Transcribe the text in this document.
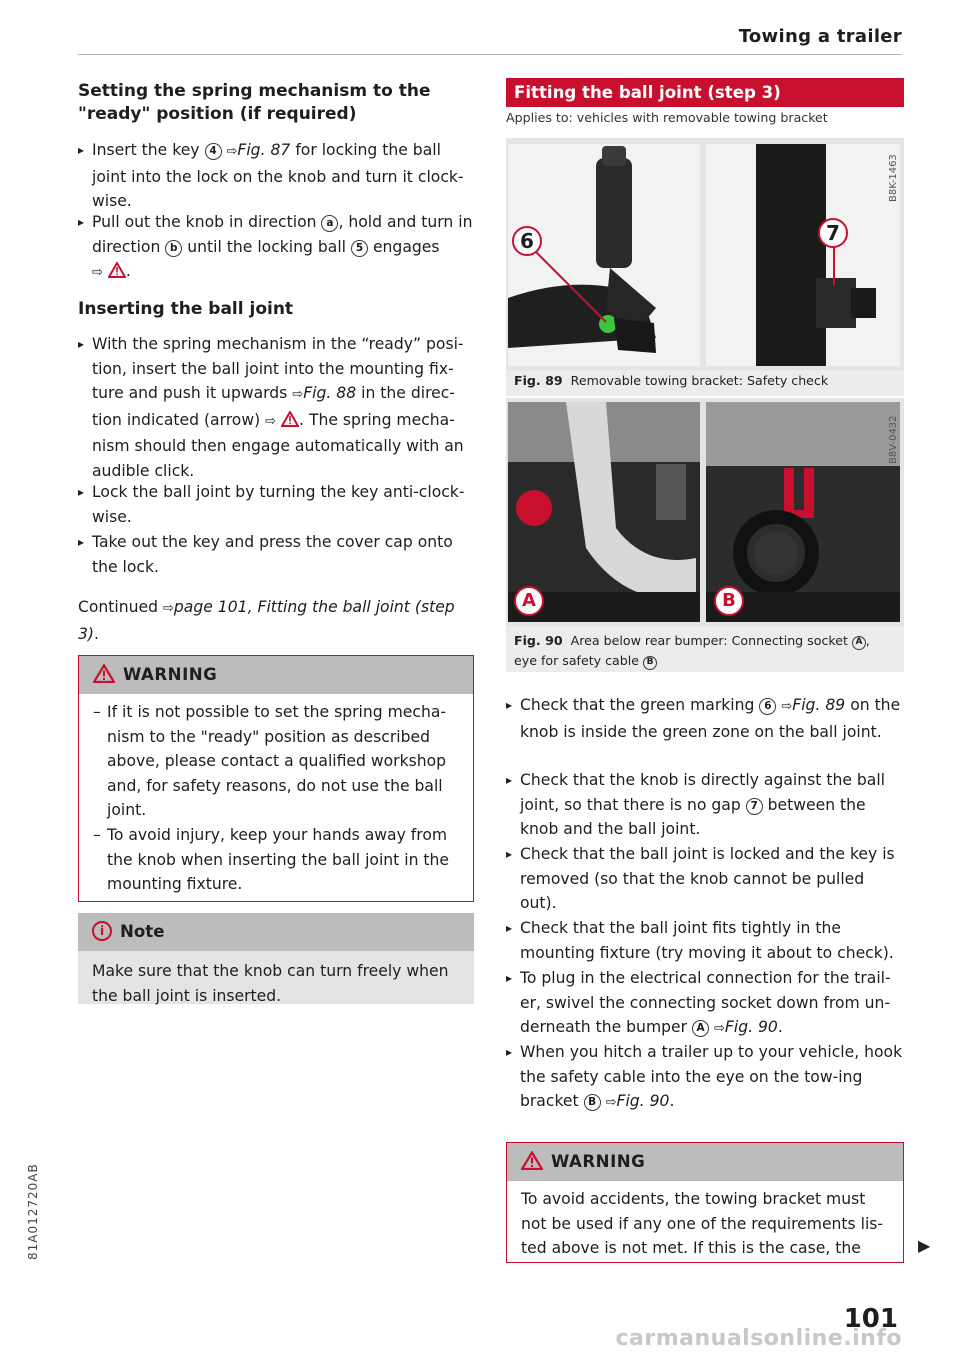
Towing a trailer
Setting the spring mechanism to the "ready" position (if required)
▸ Insert the key 4 ⇨Fig. 87 for locking the ball joint into the lock on the knob and turn it clock-wise.
▸ Pull out the knob in direction a , hold and turn in direction b until the locking ball 5 engages
⇨ .
Inserting the ball joint
▸ With the spring mechanism in the “ready” posi-tion, insert the ball joint into the mounting fix-ture and push it upwards ⇨Fig. 88 in the direc-tion indicated (arrow) ⇨ . The spring mecha-nism should then engage automatically with an audible click.
▸ Lock the ball joint by turning the key anti-clock-wise.
▸ Take out the key and press the cover cap onto the lock.
Continued ⇨page 101, Fitting the ball joint (step 3).
WARNING
– If it is not possible to set the spring mecha-nism to the "ready" position as described above, please contact a qualified workshop and, for safety reasons, do not use the ball joint.
– To avoid injury, keep your hands away from the knob when inserting the ball joint in the mounting fixture.
i Note
Make sure that the knob can turn freely when the ball joint is inserted.
Fitting the ball joint (step 3)
Applies to: vehicles with removable towing bracket
6	7
B8K-1463
Fig. 89 Removable towing bracket: Safety check
A	B
B8V-0432
Fig. 90 Area below rear bumper: Connecting socket A ,
eye for safety cable B
▸ Check that the green marking 6 ⇨Fig. 89 on the knob is inside the green zone on the ball joint.
▸ Check that the knob is directly against the ball joint, so that there is no gap 7 between the knob and the ball joint.
▸ Check that the ball joint is locked and the key is removed (so that the knob cannot be pulled out).
▸ Check that the ball joint fits tightly in the mounting fixture (try moving it about to check).
▸ To plug in the electrical connection for the trail-er, swivel the connecting socket down from un-derneath the bumper A ⇨Fig. 90.
▸ When you hitch a trailer up to your vehicle, hook the safety cable into the eye on the tow-ing bracket B ⇨Fig. 90.
WARNING
To avoid accidents, the towing bracket must not be used if any one of the requirements lis-ted above is not met. If this is the case, the	▶
81A012720AB
101
carmanualsonline.info
